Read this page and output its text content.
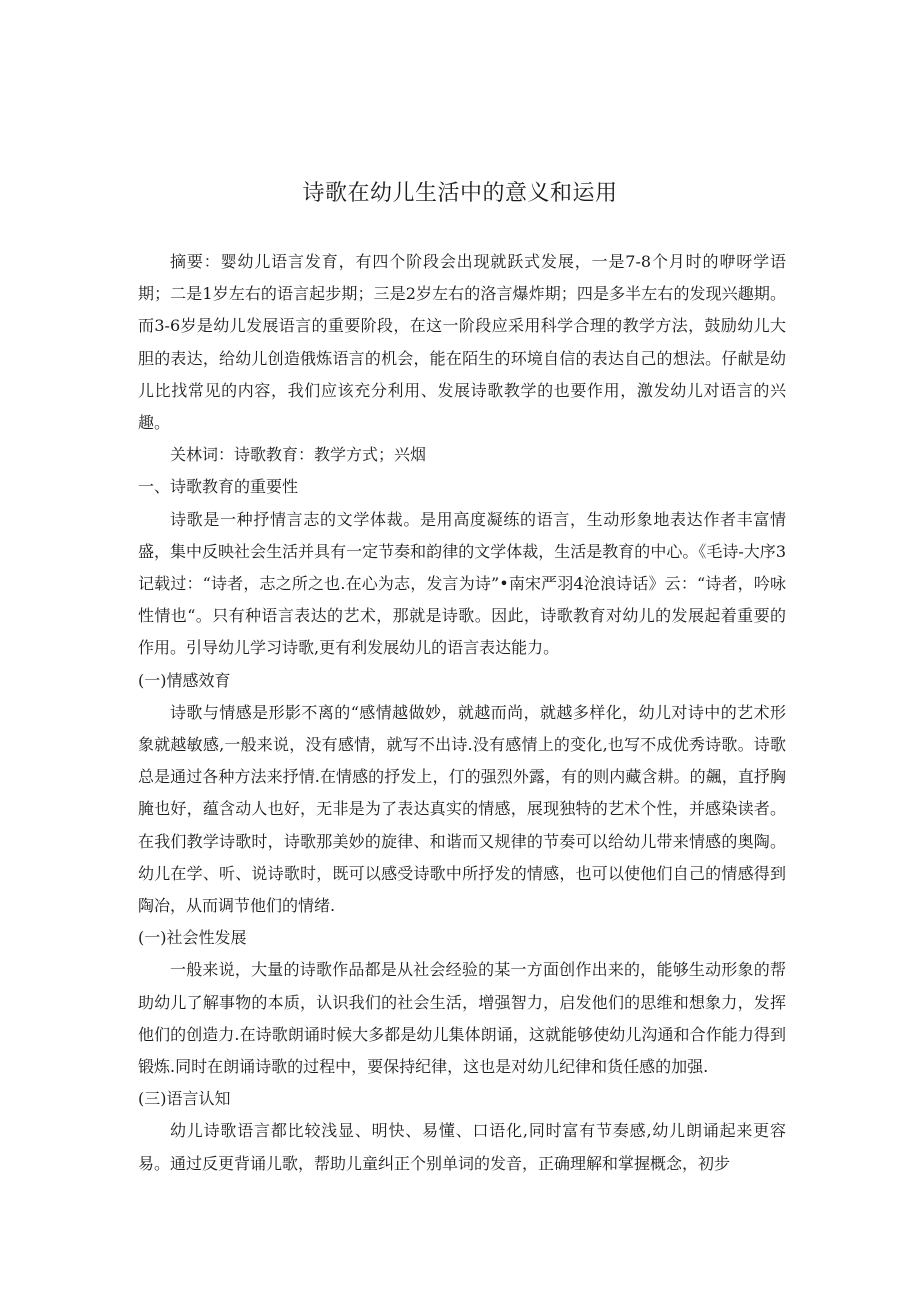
诗歌在幼儿生活中的意义和运用

摘要：婴幼儿语言发育，有四个阶段会出现就跃式发展，一是7-8个月时的咿呀学语期；二是1岁左右的语言起步期；三是2岁左右的洛言爆炸期；四是多半左右的发现兴趣期。而3-6岁是幼儿发展语言的重要阶段，在这一阶段应采用科学合理的教学方法，鼓励幼儿大胆的表达，给幼儿创造俄炼语言的机会，能在陌生的环境自信的表达自己的想法。仔献是幼儿比找常见的内容，我们应该充分利用、发展诗歌教学的也要作用，激发幼儿对语言的兴趣。

关林词：诗歌教育：教学方式；兴烟

一、诗歌教育的重要性

诗歌是一种抒情言志的文学体裁。是用高度凝练的语言，生动形象地表达作者丰富情盛，集中反映社会生活并具有一定节奏和韵律的文学体裁，生活是教育的中心。《毛诗-大序3记载过：“诗者，志之所之也.在心为志，发言为诗”•南宋严羽4沧浪诗话》云：“诗者，吟咏性情也“。只有种语言表达的艺术，那就是诗歌。因此，诗歌教育对幼儿的发展起着重要的作用。引导幼儿学习诗歌,更有利发展幼儿的语言表达能力。

(一)情感效育

诗歌与情感是形影不离的“感情越做妙，就越而尚，就越多样化，幼儿对诗中的艺术形象就越敏感,一般来说，没有感情，就写不出诗.没有感情上的变化,也写不成优秀诗歌。诗歌总是通过各种方法来抒情.在情感的抒发上，仃的强烈外露，有的则内藏含耕。的飆，直抒胸腌也好，蕴含动人也好，无非是为了表达真实的情感，展现独特的艺术个性，并感染读者。在我们教学诗歌时，诗歌那美妙的旋律、和谐而又规律的节奏可以给幼儿带来情感的奥陶。幼儿在学、听、说诗歌时，既可以感受诗歌中所抒发的情感，也可以使他们自己的情感得到陶冶，从而调节他们的情绪.

(一)社会性发展

一般来说，大量的诗歌作品都是从社会经验的某一方面创作出来的，能够生动形象的帮助幼儿了解事物的本质，认识我们的社会生活，增强智力，启发他们的思维和想象力，发挥他们的创造力.在诗歌朗诵时候大多都是幼儿集体朗诵，这就能够使幼儿沟通和合作能力得到锻炼.同时在朗诵诗歌的过程中，要保持纪律，这也是对幼儿纪律和货任感的加强.

(三)语言认知

幼儿诗歌语言都比较浅显、明快、易懂、口语化,同时富有节奏感,幼儿朗诵起来更容易。通过反更背诵儿歌，帮助儿童纠正个别单词的发音，正确理解和掌握概念，初步
